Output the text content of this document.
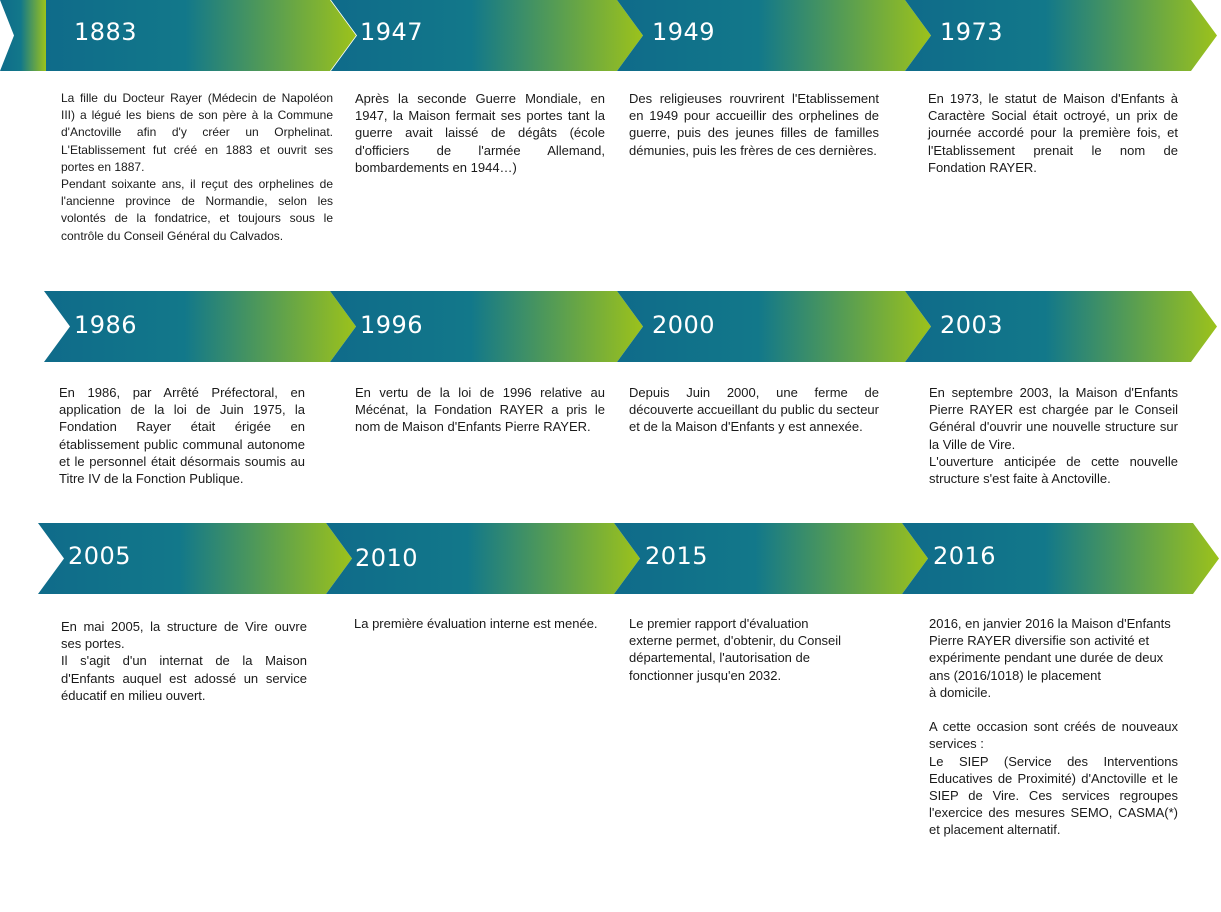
1883

La fille du Docteur Rayer (Médecin de Napoléon III) a légué les biens de son père à la Commune d'Anctoville afin d'y créer un Orphelinat. L'Etablissement fut créé en 1883 et ouvrit ses portes en 1887.

Pendant soixante ans, il reçut des orphelines de l'ancienne province de Normandie, selon les volontés de la fondatrice, et toujours sous le contrôle du Conseil Général du Calvados.

1947

Après la seconde Guerre Mondiale, en 1947, la Maison fermait ses portes tant la guerre avait laissé de dégâts (école d'officiers de l'armée Allemand, bombardements en 1944…)

1949

Des religieuses rouvrirent l'Etablissement en 1949 pour accueillir des orphelines de guerre, puis des jeunes filles de familles démunies, puis les frères de ces dernières.

1973

En 1973, le statut de Maison d'Enfants à Caractère Social était octroyé, un prix de journée accordé pour la première fois, et l'Etablissement prenait le nom de Fondation RAYER.

1986

En 1986, par Arrêté Préfectoral, en application de la loi de Juin 1975, la Fondation Rayer était érigée en établissement public communal autonome et le personnel était désormais soumis au Titre IV de la Fonction Publique.

1996

En vertu de la loi de 1996 relative au Mécénat, la Fondation RAYER a pris le nom de Maison d'Enfants Pierre RAYER.

2000

Depuis Juin 2000, une ferme de découverte accueillant du public du secteur et de la Maison d'Enfants y est annexée.

2003

En septembre 2003, la Maison d'Enfants Pierre RAYER est chargée par le Conseil Général d'ouvrir une nouvelle structure sur la Ville de Vire.

L'ouverture anticipée de cette nouvelle structure s'est faite à Anctoville.

2005

En mai 2005, la structure de Vire ouvre ses portes.

Il s'agit d'un internat de la Maison d'Enfants auquel est adossé un service éducatif en milieu ouvert.

2010

La première évaluation interne est menée.

2015

Le premier rapport d'évaluation
externe permet, d'obtenir, du Conseil
départemental, l'autorisation de
fonctionner jusqu'en 2032.

2016

2016, en janvier 2016 la Maison d'Enfants Pierre RAYER diversifie son activité et expérimente pendant une durée de deux ans (2016/1018) le placement
à domicile.

A cette occasion sont créés de nouveaux services :

Le SIEP (Service des Interventions Educatives de Proximité) d'Anctoville et le SIEP de Vire. Ces services regroupes l'exercice des mesures SEMO, CASMA(*) et placement alternatif.
